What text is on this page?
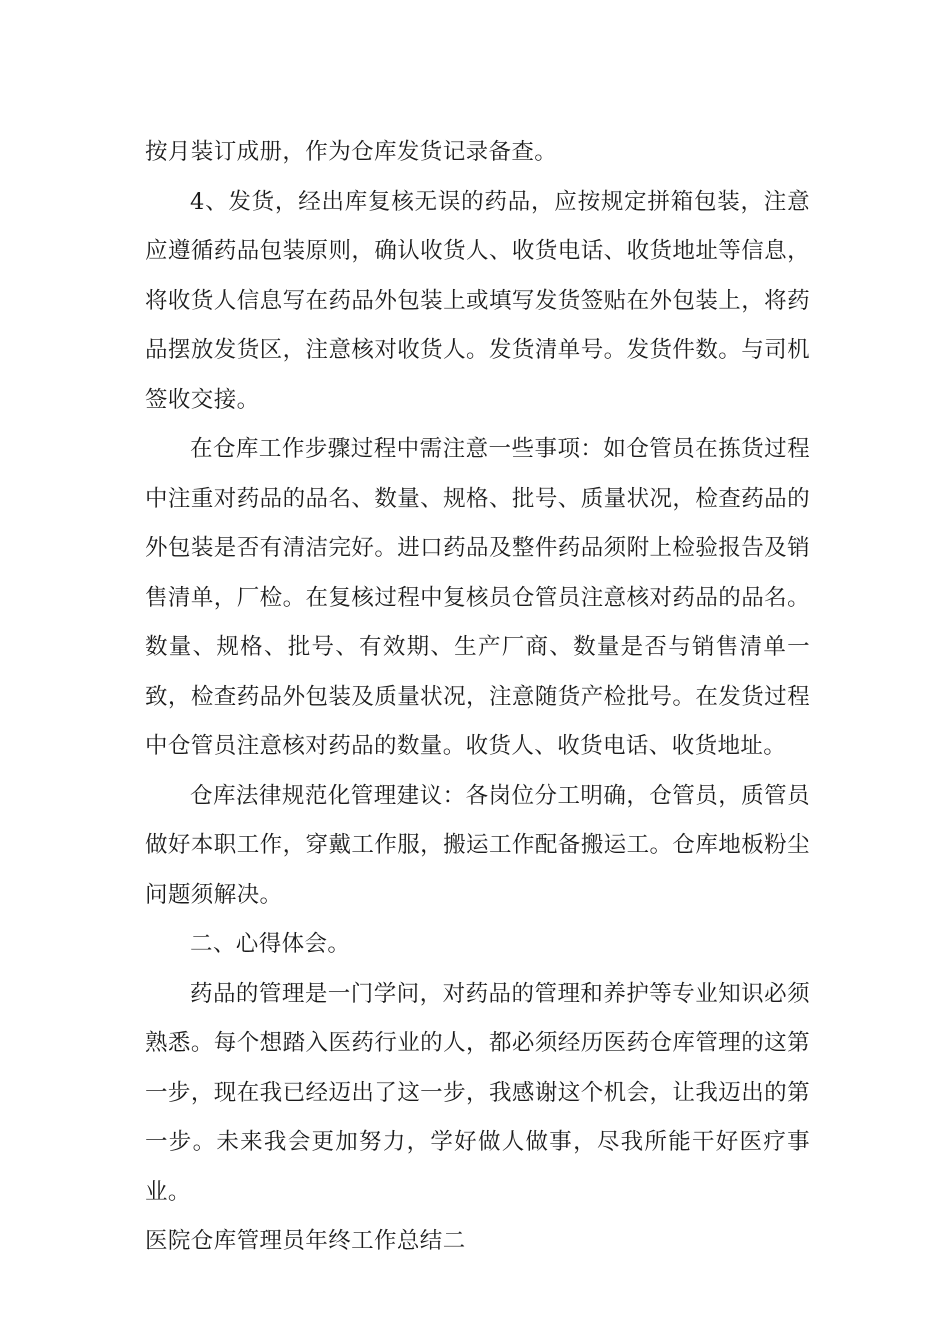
按月装订成册，作为仓库发货记录备查。

4、发货，经出库复核无误的药品，应按规定拼箱包装，注意应遵循药品包装原则，确认收货人、收货电话、收货地址等信息，将收货人信息写在药品外包装上或填写发货签贴在外包装上，将药品摆放发货区，注意核对收货人。发货清单号。发货件数。与司机签收交接。

在仓库工作步骤过程中需注意一些事项：如仓管员在拣货过程中注重对药品的品名、数量、规格、批号、质量状况，检查药品的外包装是否有清洁完好。进口药品及整件药品须附上检验报告及销售清单，厂检。在复核过程中复核员仓管员注意核对药品的品名。数量、规格、批号、有效期、生产厂商、数量是否与销售清单一致，检查药品外包装及质量状况，注意随货产检批号。在发货过程中仓管员注意核对药品的数量。收货人、收货电话、收货地址。

仓库法律规范化管理建议：各岗位分工明确，仓管员，质管员做好本职工作，穿戴工作服，搬运工作配备搬运工。仓库地板粉尘问题须解决。

二、心得体会。

药品的管理是一门学问，对药品的管理和养护等专业知识必须熟悉。每个想踏入医药行业的人，都必须经历医药仓库管理的这第一步，现在我已经迈出了这一步，我感谢这个机会，让我迈出的第一步。未来我会更加努力，学好做人做事，尽我所能干好医疗事业。

医院仓库管理员年终工作总结二
